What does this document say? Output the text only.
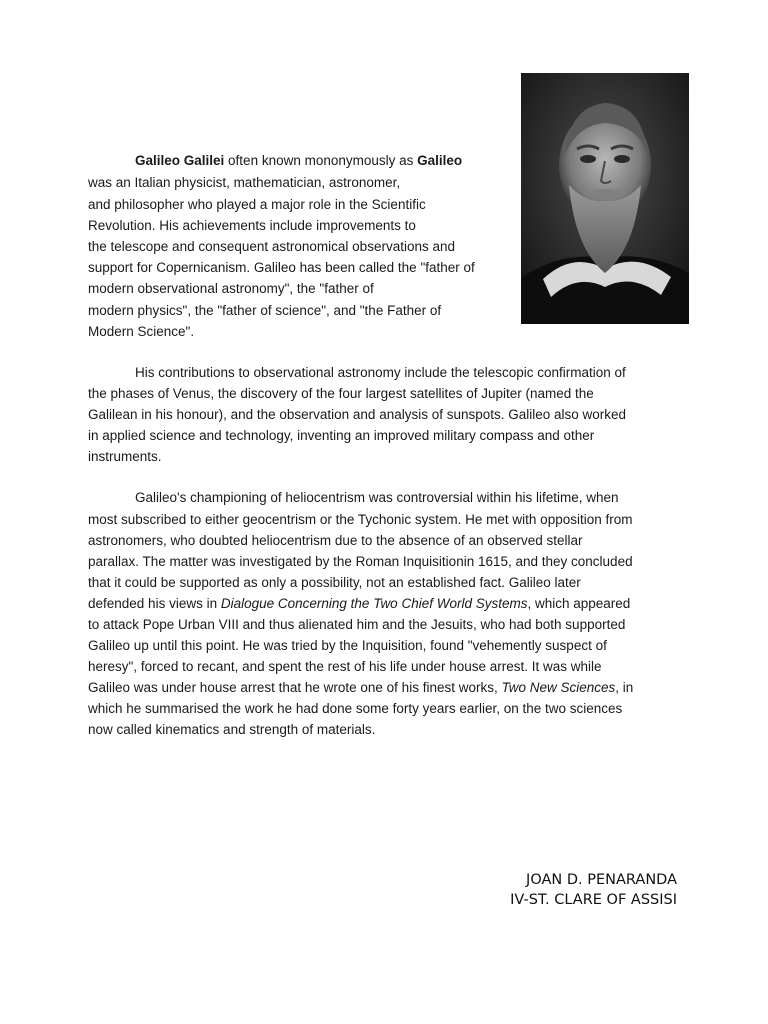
Galileo Galilei often known mononymously as Galileo
was an Italian physicist, mathematician, astronomer,
and philosopher who played a major role in the Scientific
Revolution. His achievements include improvements to
the telescope and consequent astronomical observations and
support for Copernicanism. Galileo has been called the "father of
modern observational astronomy", the "father of
modern physics", the "father of science", and "the Father of
Modern Science".
His contributions to observational astronomy include the telescopic confirmation of
the phases of Venus, the discovery of the four largest satellites of Jupiter (named the
Galilean in his honour), and the observation and analysis of sunspots. Galileo also worked
in applied science and technology, inventing an improved military compass and other
instruments.
Galileo's championing of heliocentrism was controversial within his lifetime, when
most subscribed to either geocentrism or the Tychonic system. He met with opposition from
astronomers, who doubted heliocentrism due to the absence of an observed stellar
parallax. The matter was investigated by the Roman Inquisitionin 1615, and they concluded
that it could be supported as only a possibility, not an established fact. Galileo later
defended his views in Dialogue Concerning the Two Chief World Systems, which appeared
to attack Pope Urban VIII and thus alienated him and the Jesuits, who had both supported
Galileo up until this point. He was tried by the Inquisition, found "vehemently suspect of
heresy", forced to recant, and spent the rest of his life under house arrest. It was while
Galileo was under house arrest that he wrote one of his finest works, Two New Sciences, in
which he summarised the work he had done some forty years earlier, on the two sciences
now called kinematics and strength of materials.
JOAN D. PENARANDA
IV-ST. CLARE OF ASSISI
